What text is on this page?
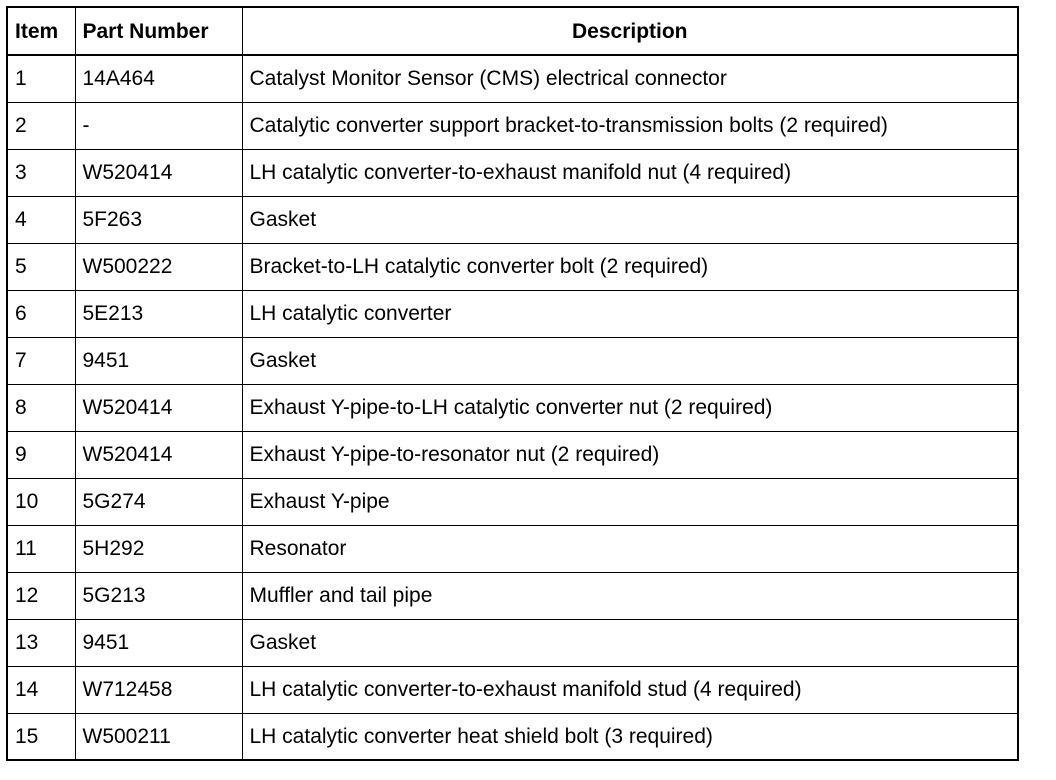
Item	Part Number	Description
1	14A464	Catalyst Monitor Sensor (CMS) electrical connector
2	-	Catalytic converter support bracket-to-transmission bolts (2 required)
3	W520414	LH catalytic converter-to-exhaust manifold nut (4 required)
4	5F263	Gasket
5	W500222	Bracket-to-LH catalytic converter bolt (2 required)
6	5E213	LH catalytic converter
7	9451	Gasket
8	W520414	Exhaust Y-pipe-to-LH catalytic converter nut (2 required)
9	W520414	Exhaust Y-pipe-to-resonator nut (2 required)
10	5G274	Exhaust Y-pipe
11	5H292	Resonator
12	5G213	Muffler and tail pipe
13	9451	Gasket
14	W712458	LH catalytic converter-to-exhaust manifold stud (4 required)
15	W500211	LH catalytic converter heat shield bolt (3 required)
